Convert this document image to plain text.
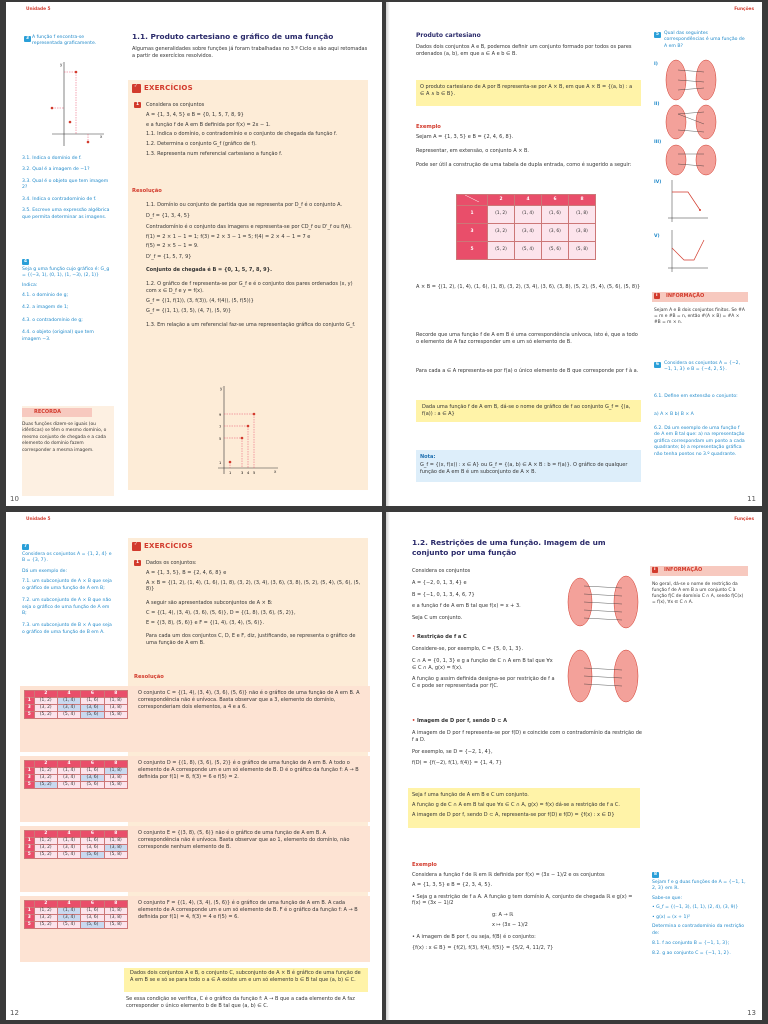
Unidade 5
3 A função f encontra-se representada graficamente.
y
x
3.1. Indica o domínio de f.
3.2. Qual é a imagem de −1?
3.3. Qual é o objeto que tem imagem 2?
3.4. Indica o contradomínio de f.
3.5. Escreve uma expressão algébrica que permita determinar as imagens.
4
Seja g uma função cujo gráfico é: G_g = {(−3, 1), (0, 1), (1, −3), (2, 1)}
Indica:
4.1. o domínio de g;
4.2. a imagem de 1;
4.3. o contradomínio de g;
4.4. o objeto (original) que tem imagem −3.
RECORDA
Duas funções dizem-se iguais (ou idênticas) se têm o mesmo domínio, o mesmo conjunto de chegada e a cada elemento do domínio fazem corresponder a mesma imagem.
10
1.1. Produto cartesiano e gráfico de uma função
Algumas generalidades sobre funções já foram trabalhadas no 3.º Ciclo e são aqui retomadas a partir de exercícios resolvidos.
✓ EXERCÍCIOS
1	Considera os conjuntos
A = {1, 3, 4, 5} e B = {0, 1, 5, 7, 8, 9}
e a função f de A em B definida por f(x) = 2x − 1.
1.1. Indica o domínio, o contradomínio e o conjunto de chegada da função f.
1.2. Determina o conjunto G_f (gráfico de f).
1.3. Representa num referencial cartesiano a função f.
Resolução
1.1. Domínio ou conjunto de partida que se representa por D_f é o conjunto A.
D_f = {1, 3, 4, 5}
Contradomínio é o conjunto das imagens e representa-se por CD_f ou D'_f ou f(A).
f(1) = 2 × 1 − 1 = 1; f(3) = 2 × 3 − 1 = 5; f(4) = 2 × 4 − 1 = 7 e
f(5) = 2 × 5 − 1 = 9.
D'_f = {1, 5, 7, 9}
Conjunto de chegada é B = {0, 1, 5, 7, 8, 9}.
1.2. O gráfico de f representa-se por G_f e é o conjunto dos pares ordenados (x, y) com x ∈ D_f e y = f(x).
G_f = {(1, f(1)), (3, f(3)), (4, f(4)), (5, f(5))}
G_f = {(1, 1), (3, 5), (4, 7), (5, 9)}
1.3. Em relação a um referencial faz-se uma representação gráfica do conjunto G_f.
y
x
9
7
5
1
1	3 4 5
Funções
Produto cartesiano
Dados dois conjuntos A e B, podemos definir um conjunto formado por todos os pares ordenados (a, b), em que a ∈ A e b ∈ B.
O produto cartesiano de A por B representa-se por A × B, em que A × B = {(a, b) : a ∈ A ∧ b ∈ B}.
Exemplo
Sejam A = {1, 3, 5} e B = {2, 4, 6, 8}.
Representar, em extensão, o conjunto A × B.
Pode ser útil a construção de uma tabela de dupla entrada, como é sugerido a seguir:
	2	4	6	8
1	(1, 2)	(1, 4)	(1, 6)	(1, 8)
3	(3, 2)	(3, 4)	(3, 6)	(3, 8)
5	(5, 2)	(5, 4)	(5, 6)	(5, 8)
A × B = {(1, 2), (1, 4), (1, 6), (1, 8), (3, 2), (3, 4), (3, 6), (3, 8), (5, 2), (5, 4), (5, 6), (5, 8)}
Recorde que uma função f de A em B é uma correspondência unívoca, isto é, que a todo o elemento de A faz corresponder um e um só elemento de B.
Para cada a ∈ A representa-se por f(a) o único elemento de B que corresponde por f à a.
Dada uma função f de A em B, dá-se o nome de gráfico de f ao conjunto G_f = {(a, f(a)) : a ∈ A}
Nota:
G_f = {(x, f(x)) : x ∈ A} ou G_f = {(a, b) ∈ A × B : b = f(a)}. O gráfico de qualquer função de A em B é um subconjunto de A × B.
5	Qual das seguintes correspondências é uma função de A em B?
I)
II)
III)
IV)
V)
i	INFORMAÇÃO
Sejam A e B dois conjuntos finitos. Se #A = m e #B = n, então #(A × B) = #A × #B = m × n.
6	Considera os conjuntos A = {−2, −1, 1, 3} e B = {−4, 2, 5}.
6.1. Define em extensão o conjunto:
a) A × B b) B × A
6.2. Dá um exemplo de uma função f de A em B tal que: a) na representação gráfica correspondam um ponto a cada quadrante; b) a representação gráfica não tenha pontos no 3.º quadrante.
11
Unidade 5
7
Considera os conjuntos A = {1, 2, 4} e B = {3, 7}.
Dá um exemplo de:
7.1. um subconjunto de A × B que seja o gráfico de uma função de A em B;
7.2. um subconjunto de A × B que não seja o gráfico de uma função de A em B;
7.3. um subconjunto de B × A que seja o gráfico de uma função de B em A.
✓ EXERCÍCIOS
1	Dados os conjuntos:
A = {1, 3, 5}, B = {2, 4, 6, 8} e
A × B = {(1, 2), (1, 4), (1, 6), (1, 8), (3, 2), (3, 4), (3, 6), (3, 8), (5, 2), (5, 4), (5, 6), (5, 8)}
A seguir são apresentados subconjuntos de A × B:
C = {(1, 4), (3, 4), (3, 6), (5, 6)}, D = {(1, 8), (3, 6), (5, 2)},
E = {(3, 8), (5, 6)} e F = {(1, 4), (3, 4), (5, 6)}.
Para cada um dos conjuntos C, D, E e F, diz, justificando, se representa o gráfico de uma função de A em B.
Resolução
	2	4	6	8
1	(1, 2)	(1, 4)	(1, 6)	(1, 8)
3	(3, 2)	(3, 4)	(3, 6)	(3, 8)
5	(5, 2)	(5, 4)	(5, 6)	(5, 8)
O conjunto C = {(1, 4), (3, 4), (3, 6), (5, 6)} não é o gráfico de uma função de A em B. A correspondência não é unívoca. Basta observar que a 3, elemento do domínio, corresponderiam dois elementos, a 4 e a 6.
	2	4	6	8
1	(1, 2)	(1, 4)	(1, 6)	(1, 8)
3	(3, 2)	(3, 4)	(3, 6)	(3, 8)
5	(5, 2)	(5, 4)	(5, 6)	(5, 8)
O conjunto D = {(1, 8), (3, 6), (5, 2)} é o gráfico de uma função de A em B. A todo o elemento de A corresponde um e um só elemento de B. D é o gráfico da função f: A → B definida por f(1) = 8, f(3) = 6 e f(5) = 2.
	2	4	6	8
1	(1, 2)	(1, 4)	(1, 6)	(1, 8)
3	(3, 2)	(3, 4)	(3, 6)	(3, 8)
5	(5, 2)	(5, 4)	(5, 6)	(5, 8)
O conjunto E = {(3, 8), (5, 6)} não é o gráfico de uma função de A em B. A correspondência não é unívoca. Basta observar que ao 1, elemento do domínio, não corresponde nenhum elemento de B.
	2	4	6	8
1	(1, 2)	(1, 4)	(1, 6)	(1, 8)
3	(3, 2)	(3, 4)	(3, 6)	(3, 8)
5	(5, 2)	(5, 4)	(5, 6)	(5, 8)
O conjunto F = {(1, 4), (3, 4), (5, 6)} é o gráfico de uma função de A em B. A cada elemento de A corresponde um e um só elemento de B. F é o gráfico da função f: A → B definida por f(1) = 4, f(3) = 4 e f(5) = 6.
Dados dois conjuntos A e B, o conjunto C, subconjunto de A × B é gráfico de uma função de A em B se e só se para todo o a ∈ A existe um e um só elemento b ∈ B tal que (a, b) ∈ C.
Se essa condição se verifica, C é o gráfico da função f: A → B que a cada elemento de A faz corresponder o único elemento b de B tal que (a, b) ∈ C.
12
Funções
1.2. Restrições de uma função. Imagem de um conjunto por uma função
Considera os conjuntos
A = {−2, 0, 1, 3, 4} e
B = {−1, 0, 1, 3, 4, 6, 7}
e a função f de A em B tal que f(x) = x + 3.
Seja C um conjunto.
• Restrição de f a C
Considere-se, por exemplo, C = {5, 0, 1, 3}.
C ∩ A = {0, 1, 3} e g a função de C ∩ A em B tal que ∀x ∈ C ∩ A, g(x) = f(x).
A função g assim definida designa-se por restrição de f a C e pode ser representada por f|C.
• Imagem de D por f, sendo D ⊂ A
A imagem de D por f representa-se por f(D) e coincide com o contradomínio da restrição de f a D.
Por exemplo, se D = {−2, 1, 4},
f(D) = {f(−2), f(1), f(4)} = {1, 4, 7}
Seja f uma função de A em B e C um conjunto.
A função g de C ∩ A em B tal que ∀x ∈ C ∩ A, g(x) = f(x) dá-se a restrição de f a C.
A imagem de D por f, sendo D ⊂ A, representa-se por f(D) e f(D) = {f(x) : x ∈ D}
Exemplo
Considera a função f de ℝ em ℝ definida por f(x) = (3x − 1)/2 e os conjuntos
A = {1, 3, 5} e B = {2, 3, 4, 5}.
• Seja g a restrição de f a A. A função g tem domínio A, conjunto de chegada ℝ e g(x) = f(x) = (3x − 1)/2
g: A → ℝ
x ↦ (3x − 1)/2
• A imagem de B por f, ou seja, f(B) é o conjunto:
{f(x) : x ∈ B} = {f(2), f(3), f(4), f(5)} = {5/2, 4, 11/2, 7}
i	INFORMAÇÃO
No geral, dá-se o nome de restrição da função f de A em B a um conjunto C à função f|C de domínio C ∩ A, sendo f|C(x) = f(x), ∀x ∈ C ∩ A.
8
Sejam f e g duas funções de A = {−1, 1, 2, 3} em ℝ.
Sabe-se que:
• G_f = {(−1, 3), (1, 1), (2, 4), (3, 9)}
• g(x) = (x + 1)²
Determina o contradomínio da restrição de:
8.1. f ao conjunto B = {−1, 1, 3};
8.2. g ao conjunto C = {−1, 1, 2}.
13
